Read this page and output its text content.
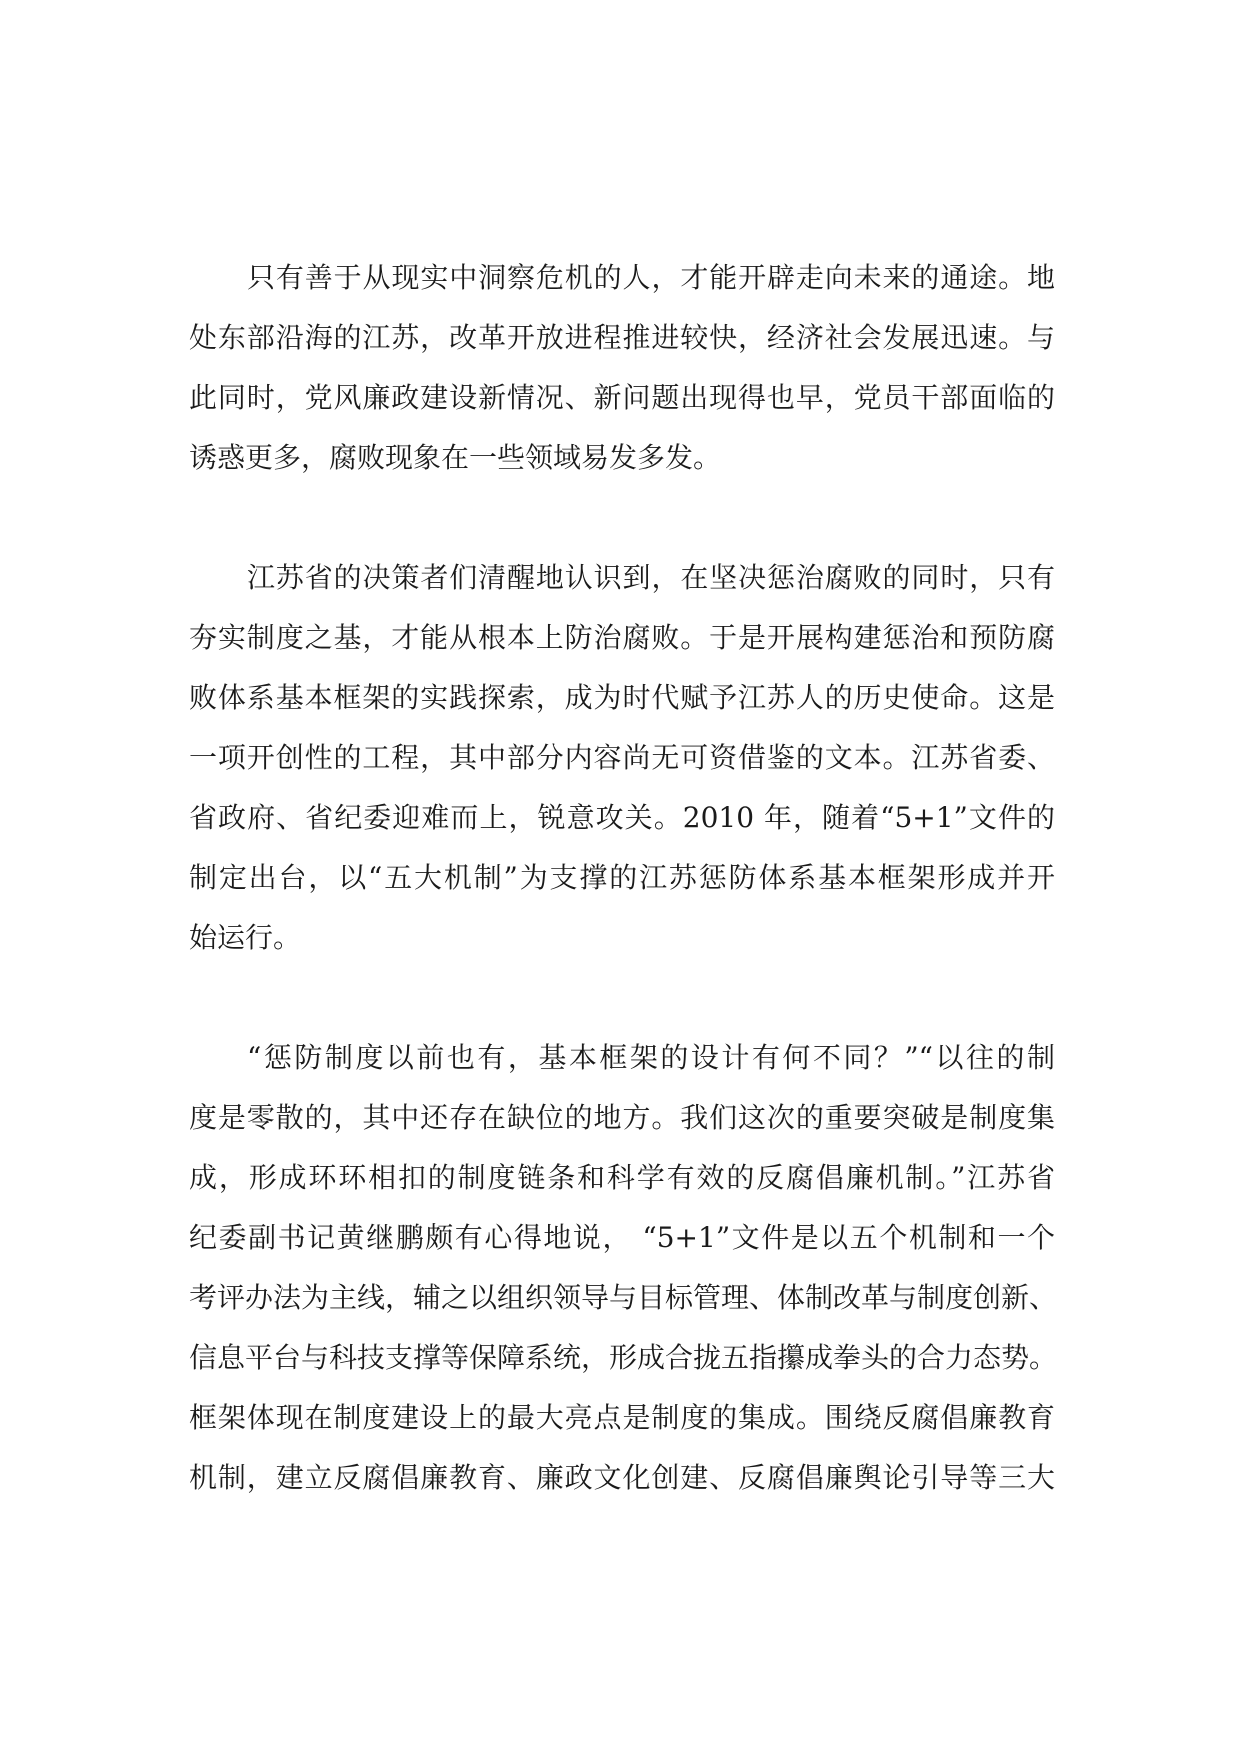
只有善于从现实中洞察危机的人，才能开辟走向未来的通途。地
处东部沿海的江苏，改革开放进程推进较快，经济社会发展迅速。与
此同时，党风廉政建设新情况、新问题出现得也早，党员干部面临的
诱惑更多，腐败现象在一些领域易发多发。
江苏省的决策者们清醒地认识到，在坚决惩治腐败的同时，只有
夯实制度之基，才能从根本上防治腐败。于是开展构建惩治和预防腐
败体系基本框架的实践探索，成为时代赋予江苏人的历史使命。这是
一项开创性的工程，其中部分内容尚无可资借鉴的文本。江苏省委、
省政府、省纪委迎难而上，锐意攻关。2010 年，随着“5+1”文件的
制定出台，以“五大机制”为支撑的江苏惩防体系基本框架形成并开
始运行。
“惩防制度以前也有，基本框架的设计有何不同？”“以往的制
度是零散的，其中还存在缺位的地方。我们这次的重要突破是制度集
成，形成环环相扣的制度链条和科学有效的反腐倡廉机制。”江苏省
纪委副书记黄继鹏颇有心得地说， “5+1”文件是以五个机制和一个
考评办法为主线，辅之以组织领导与目标管理、体制改革与制度创新、
信息平台与科技支撑等保障系统，形成合拢五指攥成拳头的合力态势。
框架体现在制度建设上的最大亮点是制度的集成。围绕反腐倡廉教育
机制，建立反腐倡廉教育、廉政文化创建、反腐倡廉舆论引导等三大
